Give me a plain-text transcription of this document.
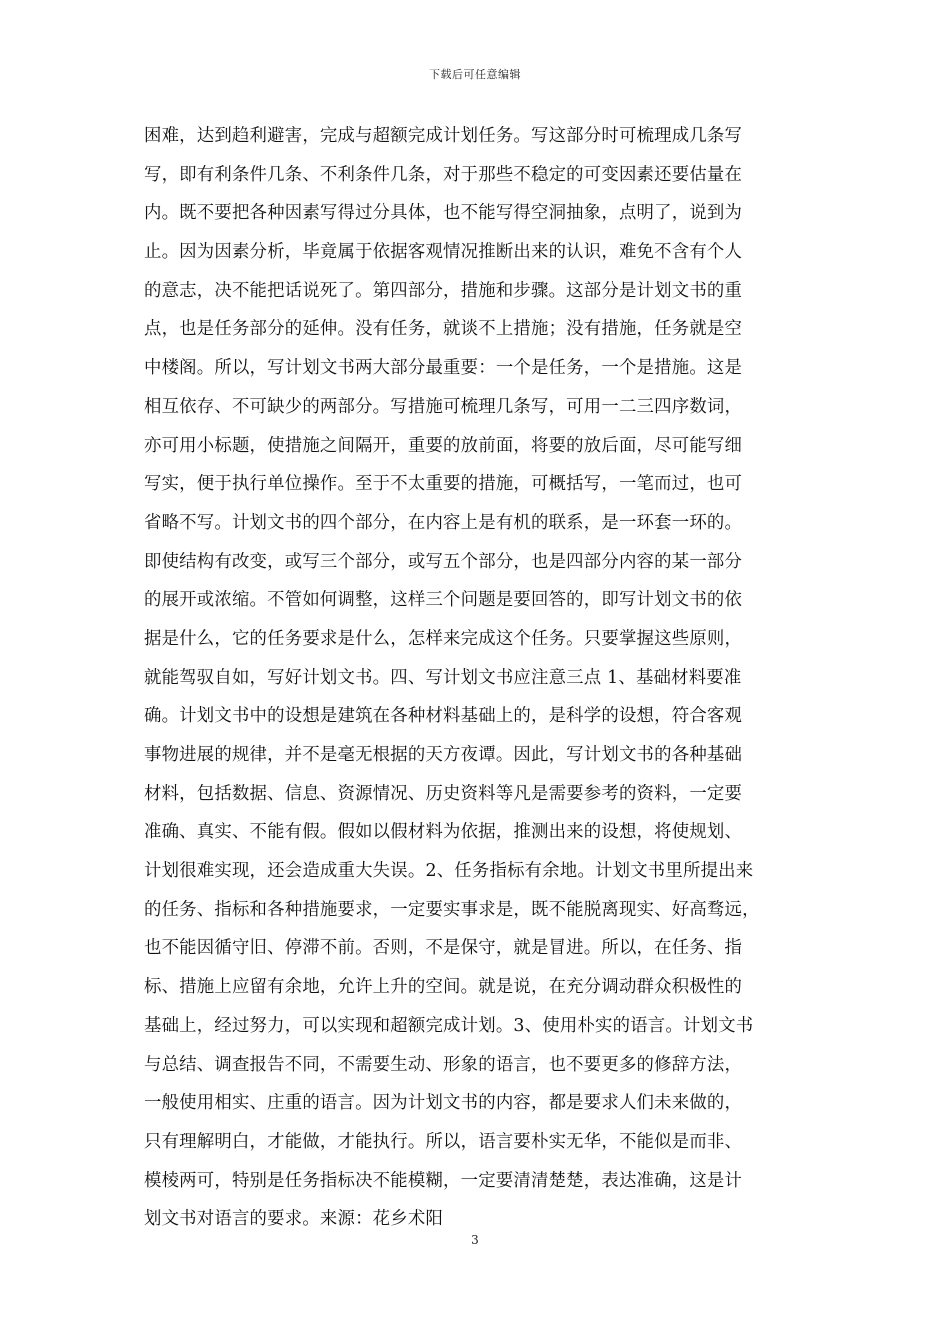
下载后可任意编辑
困难，达到趋利避害，完成与超额完成计划任务。写这部分时可梳理成几条写
写，即有利条件几条、不利条件几条，对于那些不稳定的可变因素还要估量在
内。既不要把各种因素写得过分具体，也不能写得空洞抽象，点明了，说到为
止。因为因素分析，毕竟属于依据客观情况推断出来的认识，难免不含有个人
的意志，决不能把话说死了。第四部分，措施和步骤。这部分是计划文书的重
点，也是任务部分的延伸。没有任务，就谈不上措施；没有措施，任务就是空
中楼阁。所以，写计划文书两大部分最重要：一个是任务，一个是措施。这是
相互依存、不可缺少的两部分。写措施可梳理几条写，可用一二三四序数词，
亦可用小标题，使措施之间隔开，重要的放前面，将要的放后面，尽可能写细
写实，便于执行单位操作。至于不太重要的措施，可概括写，一笔而过，也可
省略不写。计划文书的四个部分，在内容上是有机的联系，是一环套一环的。
即使结构有改变，或写三个部分，或写五个部分，也是四部分内容的某一部分
的展开或浓缩。不管如何调整，这样三个问题是要回答的，即写计划文书的依
据是什么，它的任务要求是什么，怎样来完成这个任务。只要掌握这些原则，
就能驾驭自如，写好计划文书。四、写计划文书应注意三点 1、基础材料要准
确。计划文书中的设想是建筑在各种材料基础上的，是科学的设想，符合客观
事物进展的规律，并不是毫无根据的天方夜谭。因此，写计划文书的各种基础
材料，包括数据、信息、资源情况、历史资料等凡是需要参考的资料，一定要
准确、真实、不能有假。假如以假材料为依据，推测出来的设想，将使规划、
计划很难实现，还会造成重大失误。2、任务指标有余地。计划文书里所提出来
的任务、指标和各种措施要求，一定要实事求是，既不能脱离现实、好高骛远，
也不能因循守旧、停滞不前。否则，不是保守，就是冒进。所以，在任务、指
标、措施上应留有余地，允许上升的空间。就是说，在充分调动群众积极性的
基础上，经过努力，可以实现和超额完成计划。3、使用朴实的语言。计划文书
与总结、调查报告不同，不需要生动、形象的语言，也不要更多的修辞方法，
一般使用相实、庄重的语言。因为计划文书的内容，都是要求人们未来做的，
只有理解明白，才能做，才能执行。所以，语言要朴实无华，不能似是而非、
模棱两可，特别是任务指标决不能模糊，一定要清清楚楚，表达准确，这是计
划文书对语言的要求。来源：花乡术阳
3
